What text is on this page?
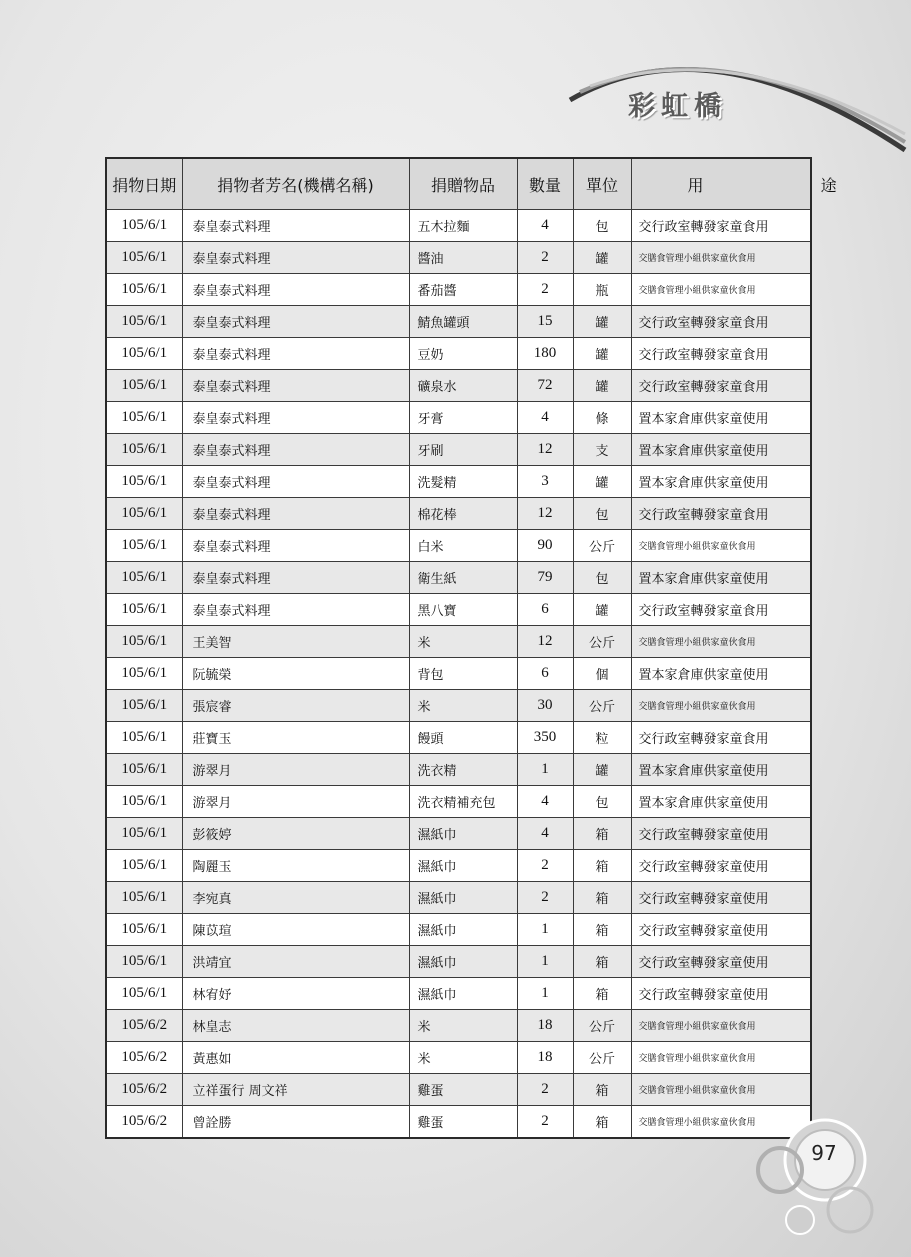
彩虹橋
捐物日期	捐物者芳名(機構名稱)	捐贈物品	數量	單位	用 途
105/6/1	泰皇泰式料理	五木拉麵	4	包	交行政室轉發家童食用
105/6/1	泰皇泰式料理	醬油	2	罐	交膳食管理小組供家童伙食用
105/6/1	泰皇泰式料理	番茄醬	2	瓶	交膳食管理小組供家童伙食用
105/6/1	泰皇泰式料理	鯖魚罐頭	15	罐	交行政室轉發家童食用
105/6/1	泰皇泰式料理	豆奶	180	罐	交行政室轉發家童食用
105/6/1	泰皇泰式料理	礦泉水	72	罐	交行政室轉發家童食用
105/6/1	泰皇泰式料理	牙膏	4	條	置本家倉庫供家童使用
105/6/1	泰皇泰式料理	牙刷	12	支	置本家倉庫供家童使用
105/6/1	泰皇泰式料理	洗髮精	3	罐	置本家倉庫供家童使用
105/6/1	泰皇泰式料理	棉花棒	12	包	交行政室轉發家童食用
105/6/1	泰皇泰式料理	白米	90	公斤	交膳食管理小組供家童伙食用
105/6/1	泰皇泰式料理	衛生紙	79	包	置本家倉庫供家童使用
105/6/1	泰皇泰式料理	黑八寶	6	罐	交行政室轉發家童食用
105/6/1	王美智	米	12	公斤	交膳食管理小組供家童伙食用
105/6/1	阮毓榮	背包	6	個	置本家倉庫供家童使用
105/6/1	張宸睿	米	30	公斤	交膳食管理小組供家童伙食用
105/6/1	莊寶玉	饅頭	350	粒	交行政室轉發家童食用
105/6/1	游翠月	洗衣精	1	罐	置本家倉庫供家童使用
105/6/1	游翠月	洗衣精補充包	4	包	置本家倉庫供家童使用
105/6/1	彭筱婷	濕紙巾	4	箱	交行政室轉發家童使用
105/6/1	陶麗玉	濕紙巾	2	箱	交行政室轉發家童使用
105/6/1	李宛真	濕紙巾	2	箱	交行政室轉發家童使用
105/6/1	陳苡瑄	濕紙巾	1	箱	交行政室轉發家童使用
105/6/1	洪靖宜	濕紙巾	1	箱	交行政室轉發家童使用
105/6/1	林宥妤	濕紙巾	1	箱	交行政室轉發家童使用
105/6/2	林皇志	米	18	公斤	交膳食管理小組供家童伙食用
105/6/2	黃惠如	米	18	公斤	交膳食管理小組供家童伙食用
105/6/2	立祥蛋行 周文祥	雞蛋	2	箱	交膳食管理小組供家童伙食用
105/6/2	曾詮勝	雞蛋	2	箱	交膳食管理小組供家童伙食用
97
